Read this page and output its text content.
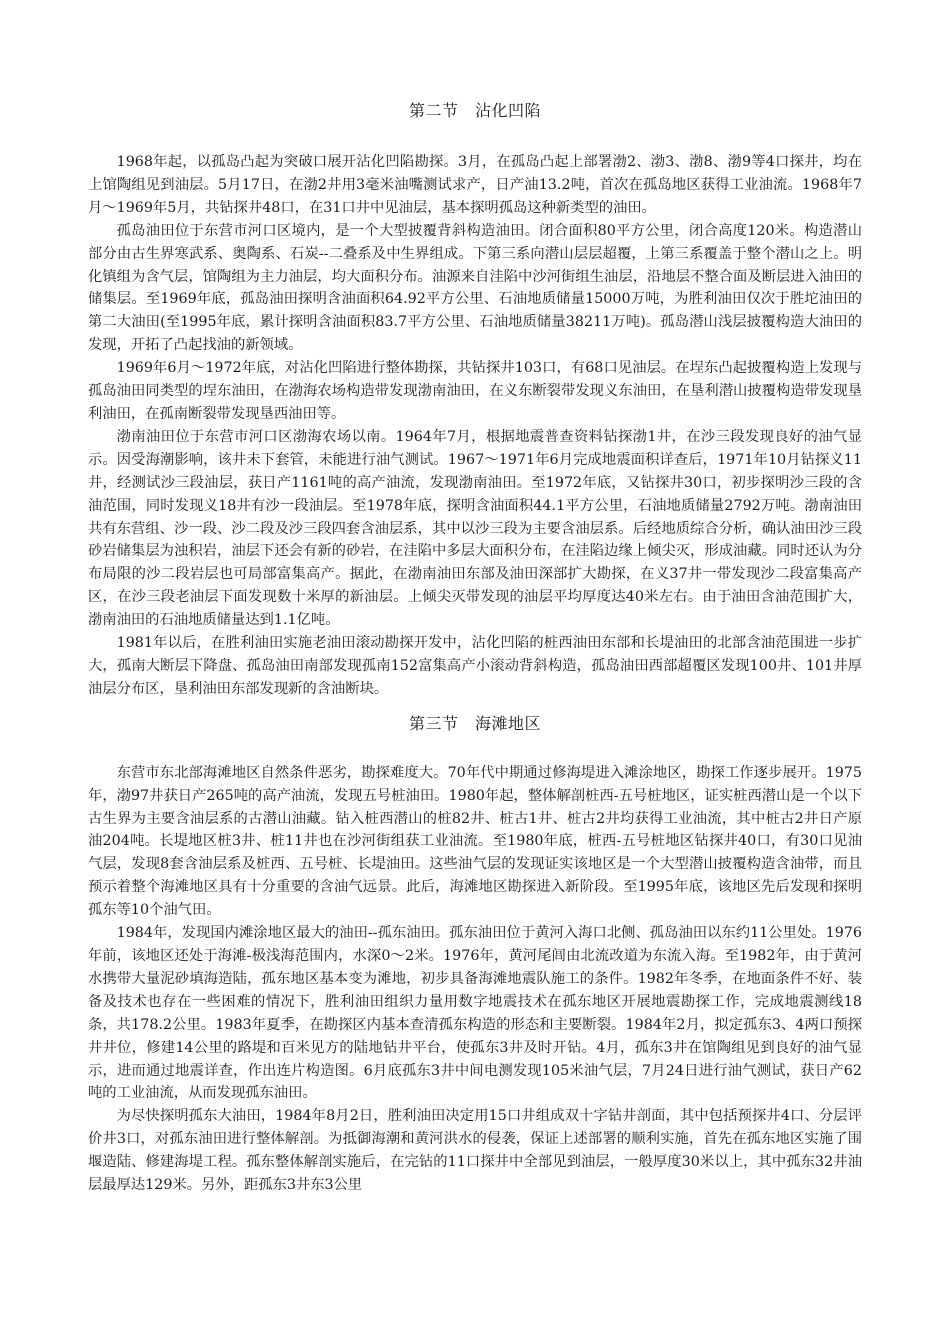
第二节　沾化凹陷

1968年起，以孤岛凸起为突破口展开沾化凹陷勘探。3月，在孤岛凸起上部署渤2、渤3、渤8、渤9等4口探井，均在上馆陶组见到油层。5月17日，在渤2井用3毫米油嘴测试求产，日产油13.2吨，首次在孤岛地区获得工业油流。1968年7月～1969年5月，共钻探井48口，在31口井中见油层，基本探明孤岛这种新类型的油田。

孤岛油田位于东营市河口区境内，是一个大型披覆背斜构造油田。闭合面积80平方公里，闭合高度120米。构造潜山部分由古生界寒武系、奥陶系、石炭--二叠系及中生界组成。下第三系向潜山层层超覆，上第三系覆盖于整个潜山之上。明化镇组为含气层，馆陶组为主力油层，均大面积分布。油源来自洼陷中沙河街组生油层，沿地层不整合面及断层进入油田的储集层。至1969年底，孤岛油田探明含油面积64.92平方公里、石油地质储量15000万吨，为胜利油田仅次于胜坨油田的第二大油田(至1995年底，累计探明含油面积83.7平方公里、石油地质储量38211万吨)。孤岛潜山浅层披覆构造大油田的发现，开拓了凸起找油的新领域。

1969年6月～1972年底，对沾化凹陷进行整体勘探，共钻探井103口，有68口见油层。在埕东凸起披覆构造上发现与孤岛油田同类型的埕东油田，在渤海农场构造带发现渤南油田，在义东断裂带发现义东油田，在垦利潜山披覆构造带发现垦利油田，在孤南断裂带发现垦西油田等。

渤南油田位于东营市河口区渤海农场以南。1964年7月，根据地震普查资料钻探渤1井，在沙三段发现良好的油气显示。因受海潮影响，该井未下套管，未能进行油气测试。1967～1971年6月完成地震面积详查后，1971年10月钻探义11井，经测试沙三段油层，获日产1161吨的高产油流，发现渤南油田。至1972年底，又钻探井30口，初步探明沙三段的含油范围，同时发现义18井有沙一段油层。至1978年底，探明含油面积44.1平方公里，石油地质储量2792万吨。渤南油田共有东营组、沙一段、沙二段及沙三段四套含油层系，其中以沙三段为主要含油层系。后经地质综合分析，确认油田沙三段砂岩储集层为浊积岩，油层下还会有新的砂岩，在洼陷中多层大面积分布，在洼陷边缘上倾尖灭，形成油藏。同时还认为分布局限的沙二段岩层也可局部富集高产。据此，在渤南油田东部及油田深部扩大勘探，在义37井一带发现沙二段富集高产区，在沙三段老油层下面发现数十米厚的新油层。上倾尖灭带发现的油层平均厚度达40米左右。由于油田含油范围扩大，渤南油田的石油地质储量达到1.1亿吨。

1981年以后，在胜利油田实施老油田滚动勘探开发中，沾化凹陷的桩西油田东部和长堤油田的北部含油范围进一步扩大，孤南大断层下降盘、孤岛油田南部发现孤南152富集高产小滚动背斜构造，孤岛油田西部超覆区发现100井、101井厚油层分布区，垦利油田东部发现新的含油断块。

第三节　海滩地区

东营市东北部海滩地区自然条件恶劣，勘探难度大。70年代中期通过修海堤进入滩涂地区，勘探工作逐步展开。1975年，渤97井获日产265吨的高产油流，发现五号桩油田。1980年起，整体解剖桩西-五号桩地区，证实桩西潜山是一个以下古生界为主要含油层系的古潜山油藏。钻入桩西潜山的桩82井、桩古1井、桩古2井均获得工业油流，其中桩古2井日产原油204吨。长堤地区桩3井、桩11井也在沙河街组获工业油流。至1980年底，桩西-五号桩地区钻探井40口，有30口见油气层，发现8套含油层系及桩西、五号桩、长堤油田。这些油气层的发现证实该地区是一个大型潜山披覆构造含油带，而且预示着整个海滩地区具有十分重要的含油气远景。此后，海滩地区勘探进入新阶段。至1995年底，该地区先后发现和探明孤东等10个油气田。

1984年，发现国内滩涂地区最大的油田--孤东油田。孤东油田位于黄河入海口北侧、孤岛油田以东约11公里处。1976年前，该地区还处于海滩-极浅海范围内，水深0～2米。1976年，黄河尾闾由北流改道为东流入海。至1982年，由于黄河水携带大量泥砂填海造陆，孤东地区基本变为滩地，初步具备海滩地震队施工的条件。1982年冬季，在地面条件不好、装备及技术也存在一些困难的情况下，胜利油田组织力量用数字地震技术在孤东地区开展地震勘探工作，完成地震测线18条，共178.2公里。1983年夏季，在勘探区内基本查清孤东构造的形态和主要断裂。1984年2月，拟定孤东3、4两口预探井井位，修建14公里的路堤和百米见方的陆地钻井平台，使孤东3井及时开钻。4月，孤东3井在馆陶组见到良好的油气显示，进而通过地震详查，作出连片构造图。6月底孤东3井中间电测发现105米油气层，7月24日进行油气测试，获日产62吨的工业油流，从而发现孤东油田。

为尽快探明孤东大油田，1984年8月2日，胜利油田决定用15口井组成双十字钻井剖面，其中包括预探井4口、分层评价井3口，对孤东油田进行整体解剖。为抵御海潮和黄河洪水的侵袭，保证上述部署的顺利实施，首先在孤东地区实施了围堰造陆、修建海堤工程。孤东整体解剖实施后，在完钻的11口探井中全部见到油层，一般厚度30米以上，其中孤东32井油层最厚达129米。另外，距孤东3井东3公里
